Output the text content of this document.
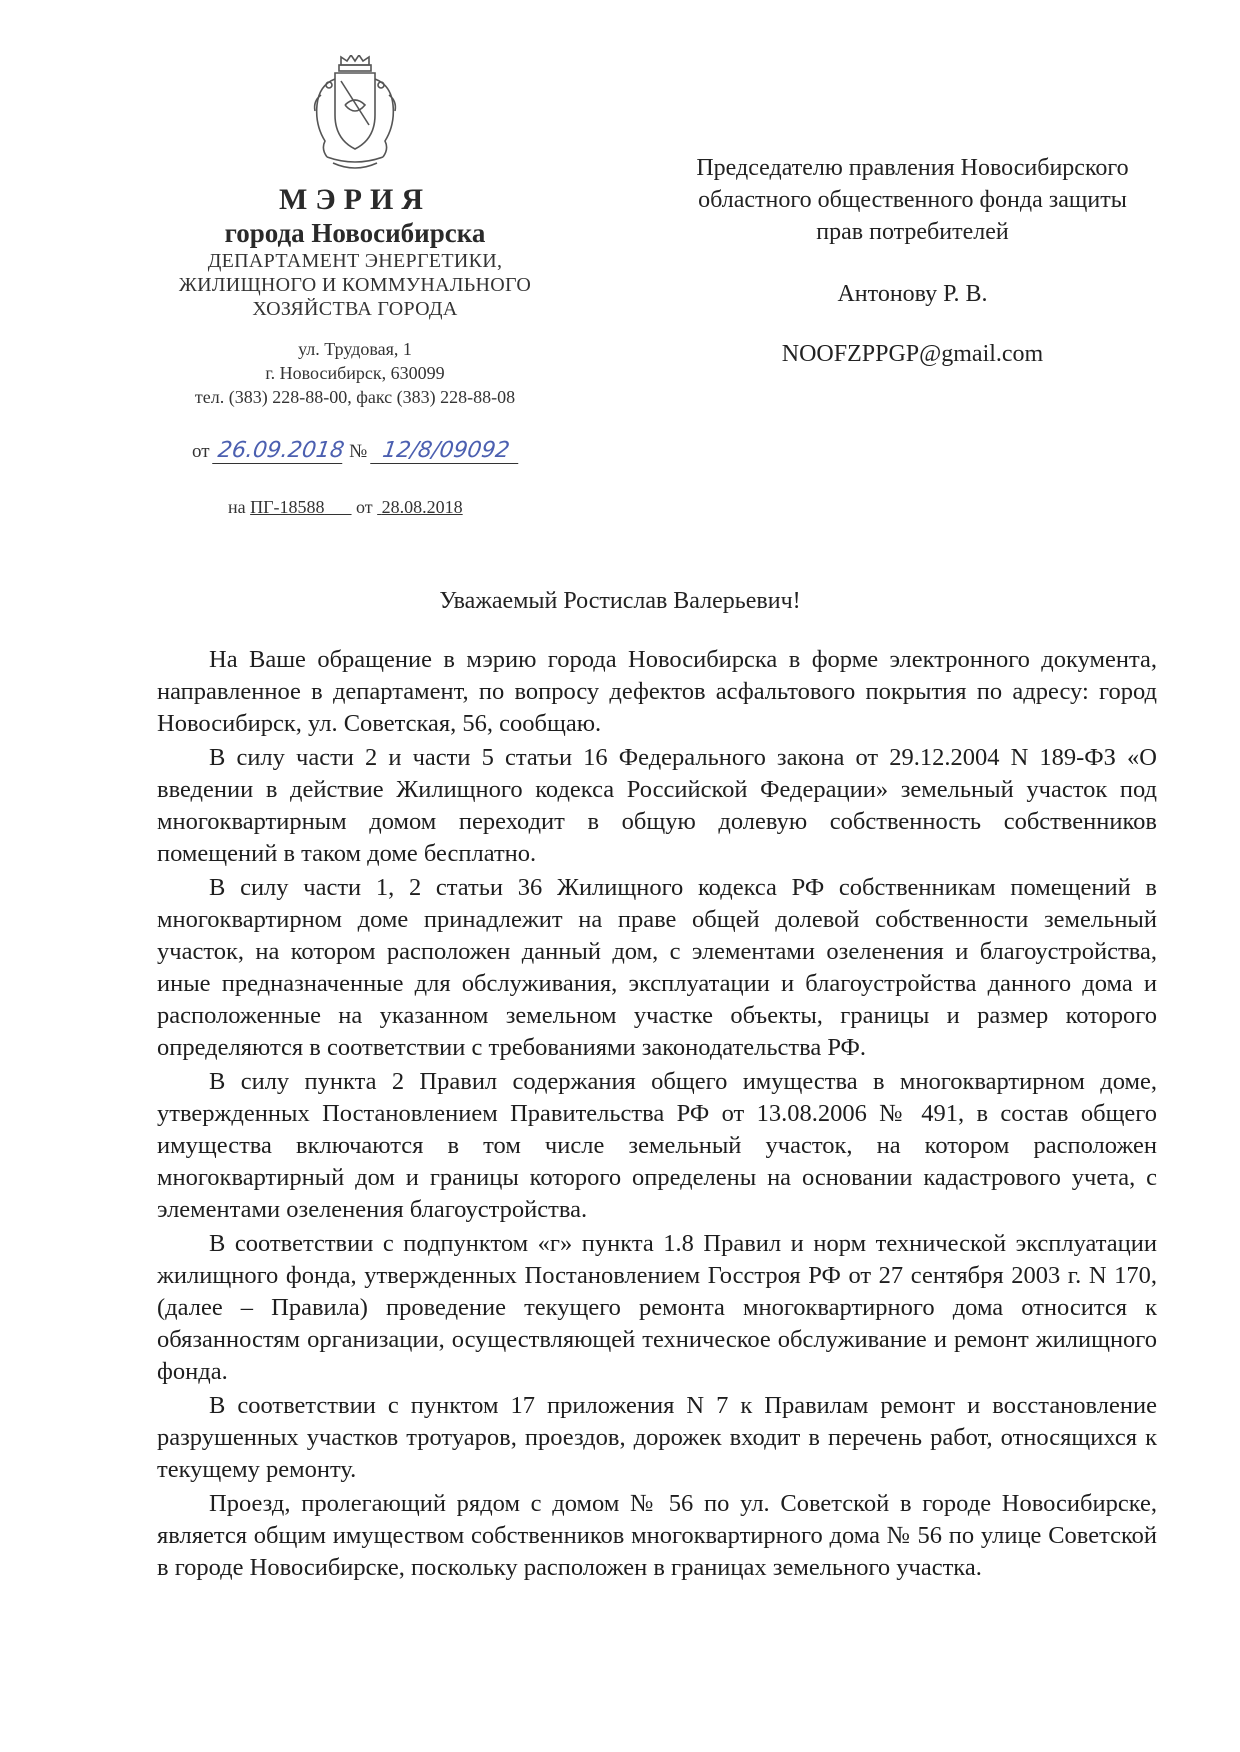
МЭРИЯ
города Новосибирска
ДЕПАРТАМЕНТ ЭНЕРГЕТИКИ,
ЖИЛИЩНОГО И КОММУНАЛЬНОГО
ХОЗЯЙСТВА ГОРОДА
ул. Трудовая, 1
г. Новосибирск, 630099
тел. (383) 228-88-00, факс (383) 228-88-08
от 26.09.2018 № 12/8/09092
на ПГ-18588 от 28.08.2018
Председателю правления Новосибирского
областного общественного фонда защиты
прав потребителей
Антонову Р. В.
NOOFZPPGP@gmail.com
Уважаемый Ростислав Валерьевич!

На Ваше обращение в мэрию города Новосибирска в форме электронного документа, направленное в департамент, по вопросу дефектов асфальтового покрытия по адресу: город Новосибирск, ул. Советская, 56, сообщаю.

В силу части 2 и части 5 статьи 16 Федерального закона от 29.12.2004 N 189-ФЗ «О введении в действие Жилищного кодекса Российской Федерации» земельный участок под многоквартирным домом переходит в общую долевую собственность собственников помещений в таком доме бесплатно.

В силу части 1, 2 статьи 36 Жилищного кодекса РФ собственникам помещений в многоквартирном доме принадлежит на праве общей долевой собственности земельный участок, на котором расположен данный дом, с элементами озеленения и благоустройства, иные предназначенные для обслуживания, эксплуатации и благоустройства данного дома и расположенные на указанном земельном участке объекты, границы и размер которого определяются в соответствии с требованиями законодательства РФ.

В силу пункта 2 Правил содержания общего имущества в многоквартирном доме, утвержденных Постановлением Правительства РФ от 13.08.2006 № 491, в состав общего имущества включаются в том числе земельный участок, на котором расположен многоквартирный дом и границы которого определены на основании кадастрового учета, с элементами озеленения благоустройства.

В соответствии с подпунктом «г» пункта 1.8 Правил и норм технической эксплуатации жилищного фонда, утвержденных Постановлением Госстроя РФ от 27 сентября 2003 г. N 170, (далее – Правила) проведение текущего ремонта многоквартирного дома относится к обязанностям организации, осуществляющей техническое обслуживание и ремонт жилищного фонда.

В соответствии с пунктом 17 приложения N 7 к Правилам ремонт и восстановление разрушенных участков тротуаров, проездов, дорожек входит в перечень работ, относящихся к текущему ремонту.

Проезд, пролегающий рядом с домом № 56 по ул. Советской в городе Новосибирске, является общим имуществом собственников многоквартирного дома № 56 по улице Советской в городе Новосибирске, поскольку расположен в границах земельного участка.
